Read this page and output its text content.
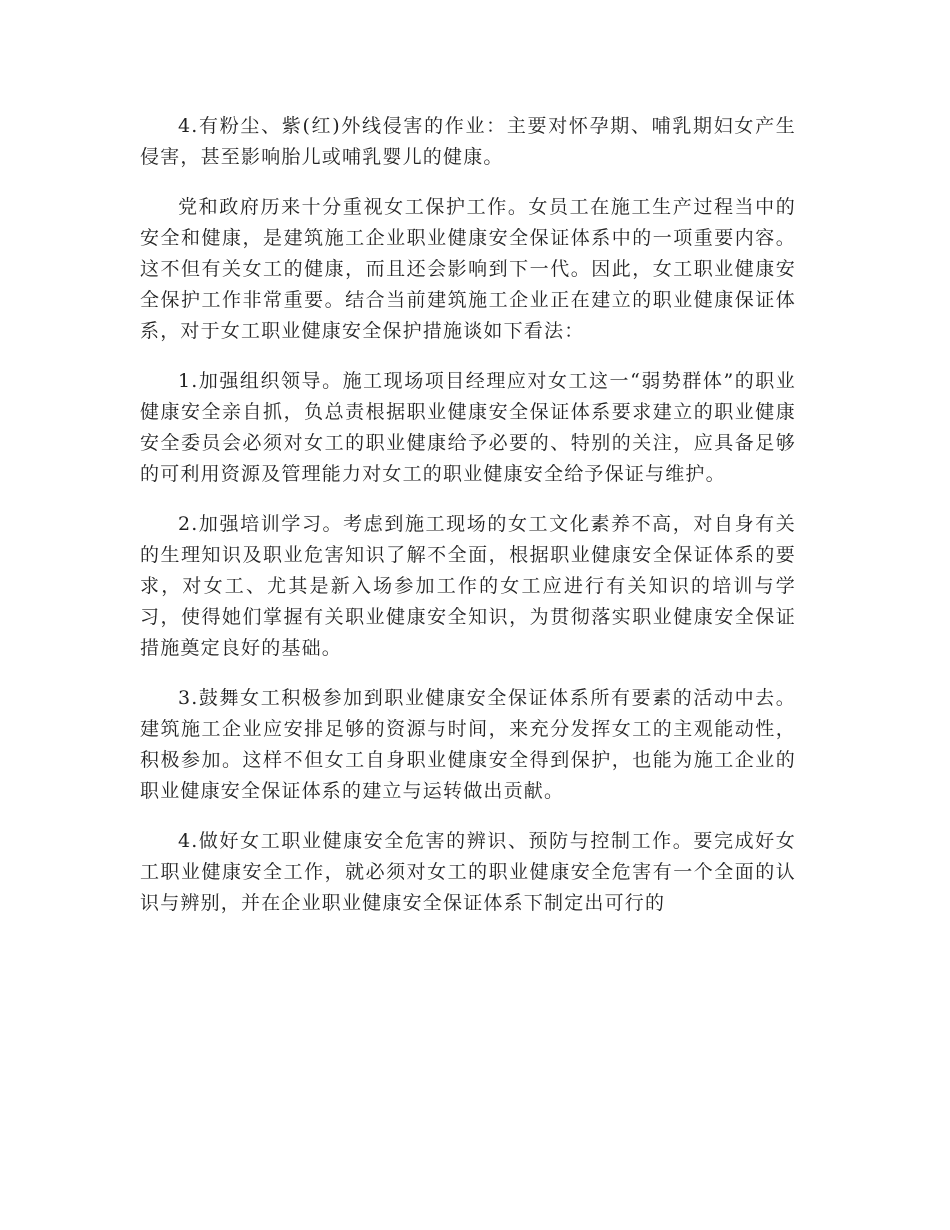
4.有粉尘、紫(红)外线侵害的作业：主要对怀孕期、哺乳期妇女产生侵害，甚至影响胎儿或哺乳婴儿的健康。

党和政府历来十分重视女工保护工作。女员工在施工生产过程当中的安全和健康，是建筑施工企业职业健康安全保证体系中的一项重要内容。这不但有关女工的健康，而且还会影响到下一代。因此，女工职业健康安全保护工作非常重要。结合当前建筑施工企业正在建立的职业健康保证体系，对于女工职业健康安全保护措施谈如下看法：

1.加强组织领导。施工现场项目经理应对女工这一“弱势群体”的职业健康安全亲自抓，负总责根据职业健康安全保证体系要求建立的职业健康安全委员会必须对女工的职业健康给予必要的、特别的关注，应具备足够的可利用资源及管理能力对女工的职业健康安全给予保证与维护。

2.加强培训学习。考虑到施工现场的女工文化素养不高，对自身有关的生理知识及职业危害知识了解不全面，根据职业健康安全保证体系的要求，对女工、尤其是新入场参加工作的女工应进行有关知识的培训与学习，使得她们掌握有关职业健康安全知识，为贯彻落实职业健康安全保证措施奠定良好的基础。

3.鼓舞女工积极参加到职业健康安全保证体系所有要素的活动中去。建筑施工企业应安排足够的资源与时间，来充分发挥女工的主观能动性，积极参加。这样不但女工自身职业健康安全得到保护，也能为施工企业的职业健康安全保证体系的建立与运转做出贡献。

4.做好女工职业健康安全危害的辨识、预防与控制工作。要完成好女工职业健康安全工作，就必须对女工的职业健康安全危害有一个全面的认识与辨别，并在企业职业健康安全保证体系下制定出可行的
